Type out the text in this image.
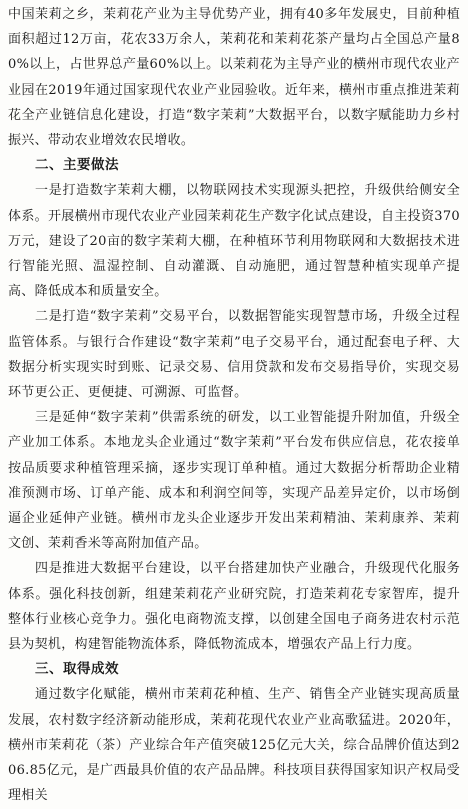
中国茉莉之乡，茉莉花产业为主导优势产业，拥有40多年发展史，目前种植面积超过12万亩，花农33万余人，茉莉花和茉莉花茶产量均占全国总产量80%以上，占世界总产量60%以上。以茉莉花为主导产业的横州市现代农业产业园在2019年通过国家现代农业产业园验收。近年来，横州市重点推进茉莉花全产业链信息化建设，打造“数字茉莉”大数据平台，以数字赋能助力乡村振兴、带动农业增效农民增收。

二、主要做法

一是打造数字茉莉大棚，以物联网技术实现源头把控，升级供给侧安全体系。开展横州市现代农业产业园茉莉花生产数字化试点建设，自主投资370万元，建设了20亩的数字茉莉大棚，在种植环节利用物联网和大数据技术进行智能光照、温湿控制、自动灌溉、自动施肥，通过智慧种植实现单产提高、降低成本和质量安全。

二是打造“数字茉莉”交易平台，以数据智能实现智慧市场，升级全过程监管体系。与银行合作建设“数字茉莉”电子交易平台，通过配套电子秤、大数据分析实现实时到账、记录交易、信用贷款和发布交易指导价，实现交易环节更公正、更便捷、可溯源、可监督。

三是延伸“数字茉莉”供需系统的研发，以工业智能提升附加值，升级全产业加工体系。本地龙头企业通过“数字茉莉”平台发布供应信息，花农接单按品质要求种植管理采摘，逐步实现订单种植。通过大数据分析帮助企业精准预测市场、订单产能、成本和利润空间等，实现产品差异定价，以市场倒逼企业延伸产业链。横州市龙头企业逐步开发出茉莉精油、茉莉康养、茉莉文创、茉莉香米等高附加值产品。

四是推进大数据平台建设，以平台搭建加快产业融合，升级现代化服务体系。强化科技创新，组建茉莉花产业研究院，打造茉莉花专家智库，提升整体行业核心竞争力。强化电商物流支撑，以创建全国电子商务进农村示范县为契机，构建智能物流体系，降低物流成本，增强农产品上行力度。

三、取得成效

通过数字化赋能，横州市茉莉花种植、生产、销售全产业链实现高质量发展，农村数字经济新动能形成，茉莉花现代农业产业高歌猛进。2020年，横州市茉莉花（茶）产业综合年产值突破125亿元大关，综合品牌价值达到206.85亿元，是广西最具价值的农产品品牌。科技项目获得国家知识产权局受理相关
